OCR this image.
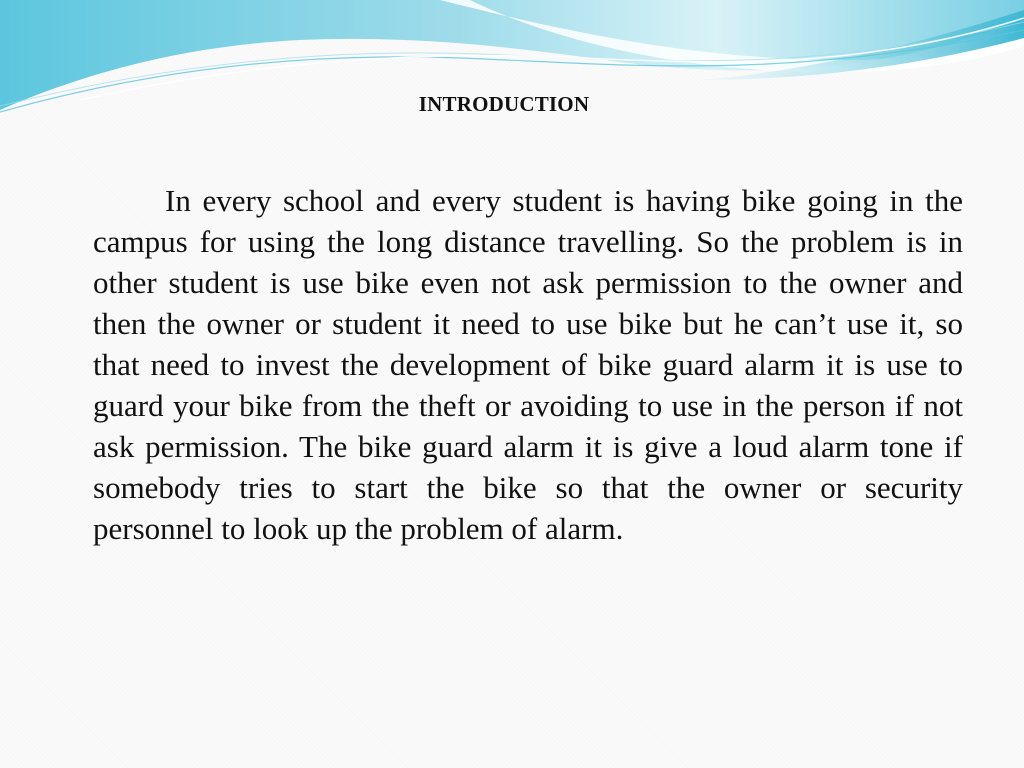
INTRODUCTION

In every school and every student is having bike going in the campus for using the long distance travelling. So the problem is in other student is use bike even not ask permission to the owner and then the owner or student it need to use bike but he can’t use it, so that need to invest the development of bike guard alarm it is use to guard your bike from the theft or avoiding to use in the person if not ask permission. The bike guard alarm it is give a loud alarm tone if somebody tries to start the bike so that the owner or security personnel to look up the problem of alarm.
